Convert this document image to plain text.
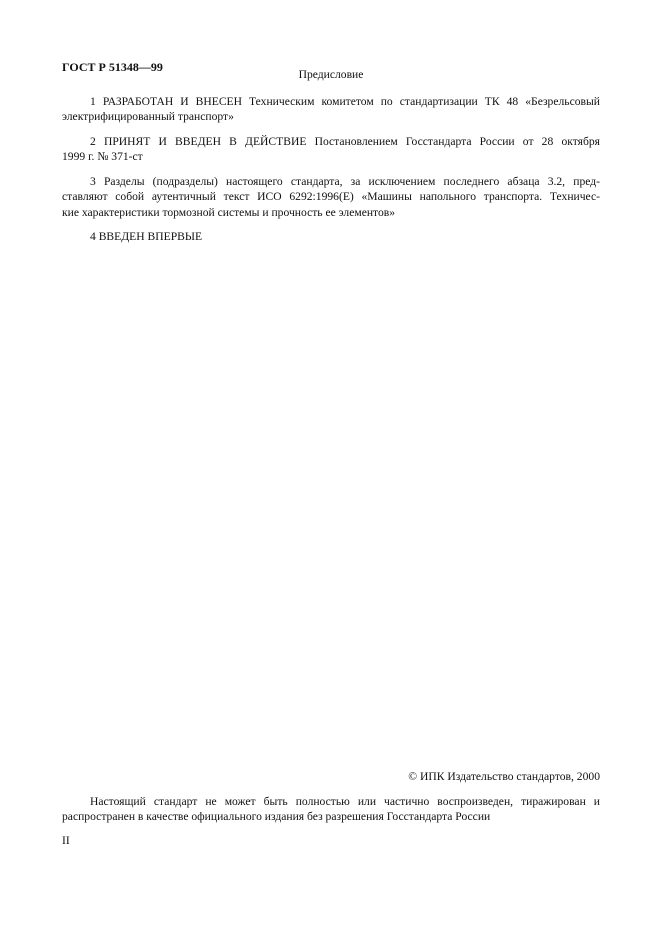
ГОСТ Р 51348—99
Предисловие
1 РАЗРАБОТАН И ВНЕСЕН Техническим комитетом по стандартизации ТК 48 «Безрельсовый
электрифицированный транспорт»
2 ПРИНЯТ И ВВЕДЕН В ДЕЙСТВИЕ Постановлением Госстандарта России от 28 октября
1999 г. № 371-ст
3 Разделы (подразделы) настоящего стандарта, за исключением последнего абзаца 3.2, пред-
ставляют собой аутентичный текст ИСО 6292:1996(Е) «Машины напольного транспорта. Техничес-
кие характеристики тормозной системы и прочность ее элементов»
4 ВВЕДЕН ВПЕРВЫЕ
© ИПК Издательство стандартов, 2000
Настоящий стандарт не может быть полностью или частично воспроизведен, тиражирован и
распространен в качестве официального издания без разрешения Госстандарта России
II
